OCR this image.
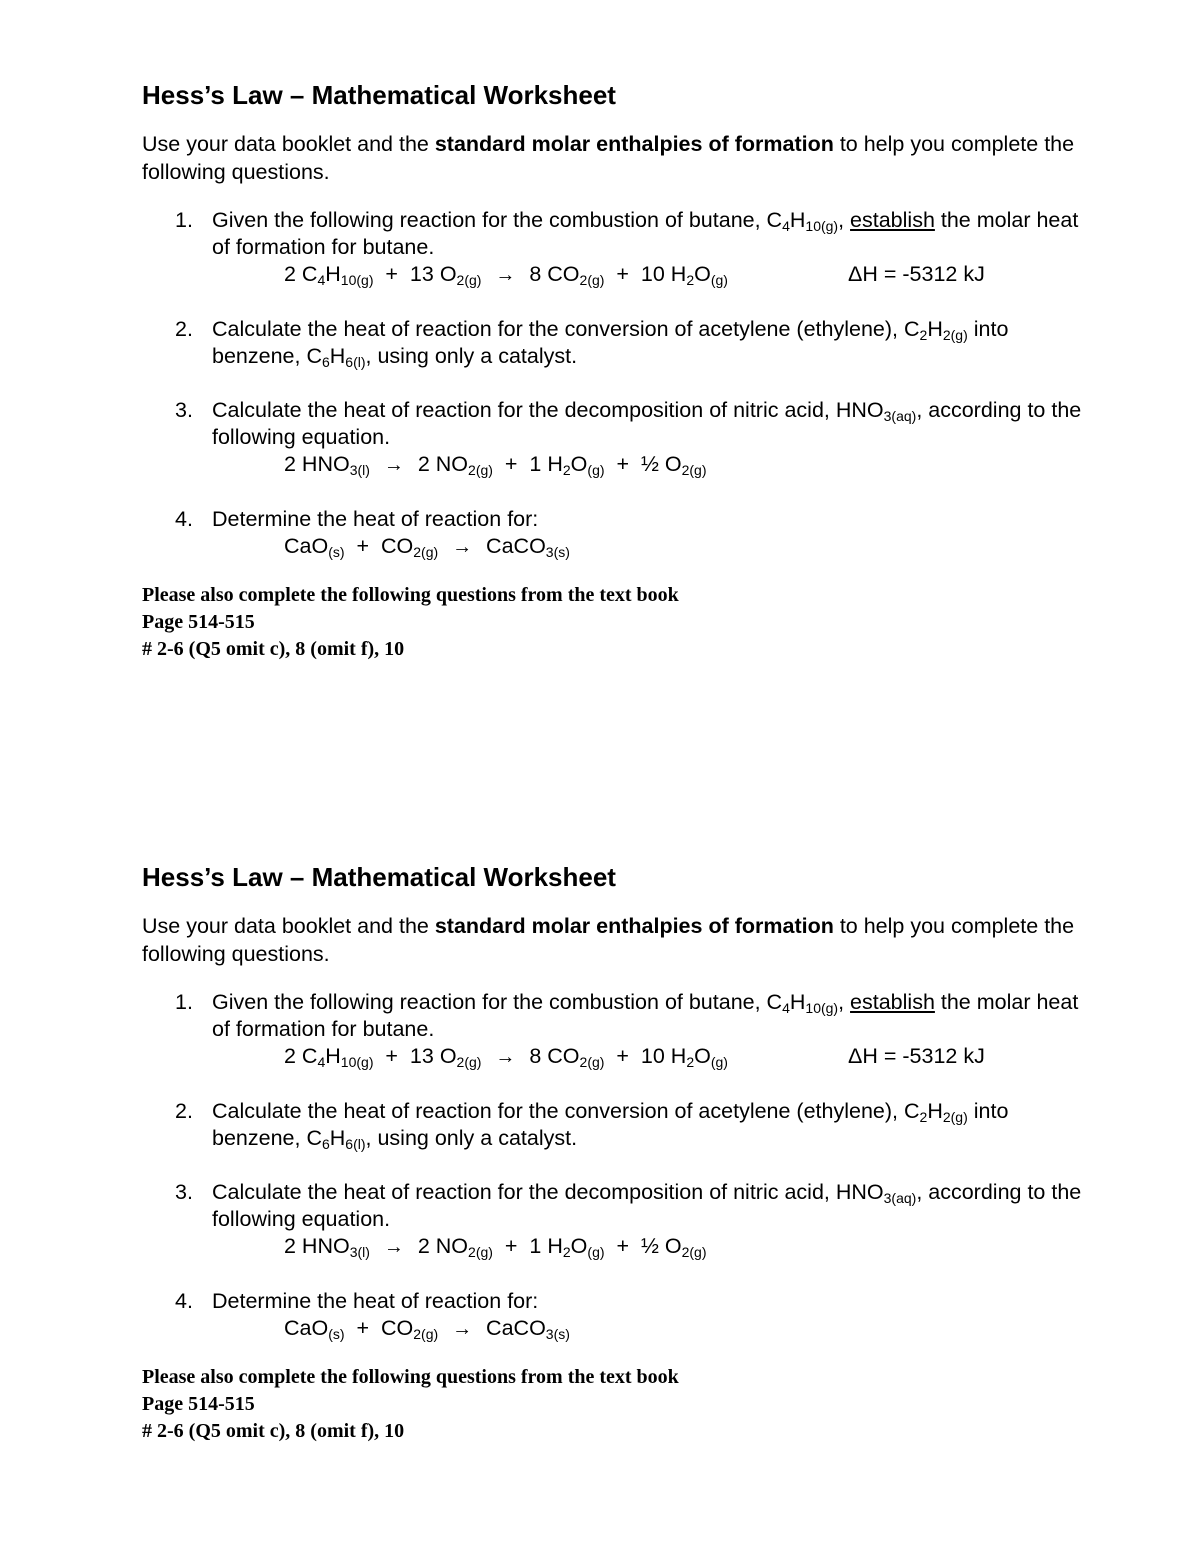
Hess’s Law – Mathematical Worksheet

Use your data booklet and the standard molar enthalpies of formation to help you complete the following questions.

1. Given the following reaction for the combustion of butane, $C_4H_{10(g)}$, establish the molar heat of formation for butane.
2 $C_4H_{10(g)} + 13$ $O_{2(g)} \to 8$ $CO_{2(g)} + 10$ $H_2O_{(g)}$	ΔH = -5312 kJ
2. Calculate the heat of reaction for the conversion of acetylene (ethylene), $C_2H_{2(g)}$ into benzene, $C_6H_{6(l)}$, using only a catalyst.
3. Calculate the heat of reaction for the decomposition of nitric acid, $HNO_{3(aq)}$, according to the following equation.
2 $HNO_{3(l)} \to 2$ $NO_{2(g)} + 1$ $H_2O_{(g)}$  +  ½ $O_{2(g)}$
4. Determine the heat of reaction for:
$CaO_{(s)} + CO_{2(g)}$ →  CaCO$_{3(s)}$
Please also complete the following questions from the text book
Page 514-515
# 2-6 (Q5 omit c), 8 (omit f), 10
Hess’s Law – Mathematical Worksheet

Use your data booklet and the standard molar enthalpies of formation to help you complete the following questions.

1. Given the following reaction for the combustion of butane, $C_4H_{10(g)}$, establish the molar heat of formation for butane.
2 $C_4H_{10(g)} + 13$ $O_{2(g)} \to 8$ $CO_{2(g)} + 10$ $H_2O_{(g)}$	ΔH = -5312 kJ
2. Calculate the heat of reaction for the conversion of acetylene (ethylene), $C_2H_{2(g)}$ into benzene, $C_6H_{6(l)}$, using only a catalyst.
3. Calculate the heat of reaction for the decomposition of nitric acid, $HNO_{3(aq)}$, according to the following equation.
2 $HNO_{3(l)} \to 2$ $NO_{2(g)} + 1$ $H_2O_{(g)}$  +  ½ $O_{2(g)}$
4. Determine the heat of reaction for:
$CaO_{(s)} + CO_{2(g)}$ →  CaCO$_{3(s)}$
Please also complete the following questions from the text book
Page 514-515
# 2-6 (Q5 omit c), 8 (omit f), 10
